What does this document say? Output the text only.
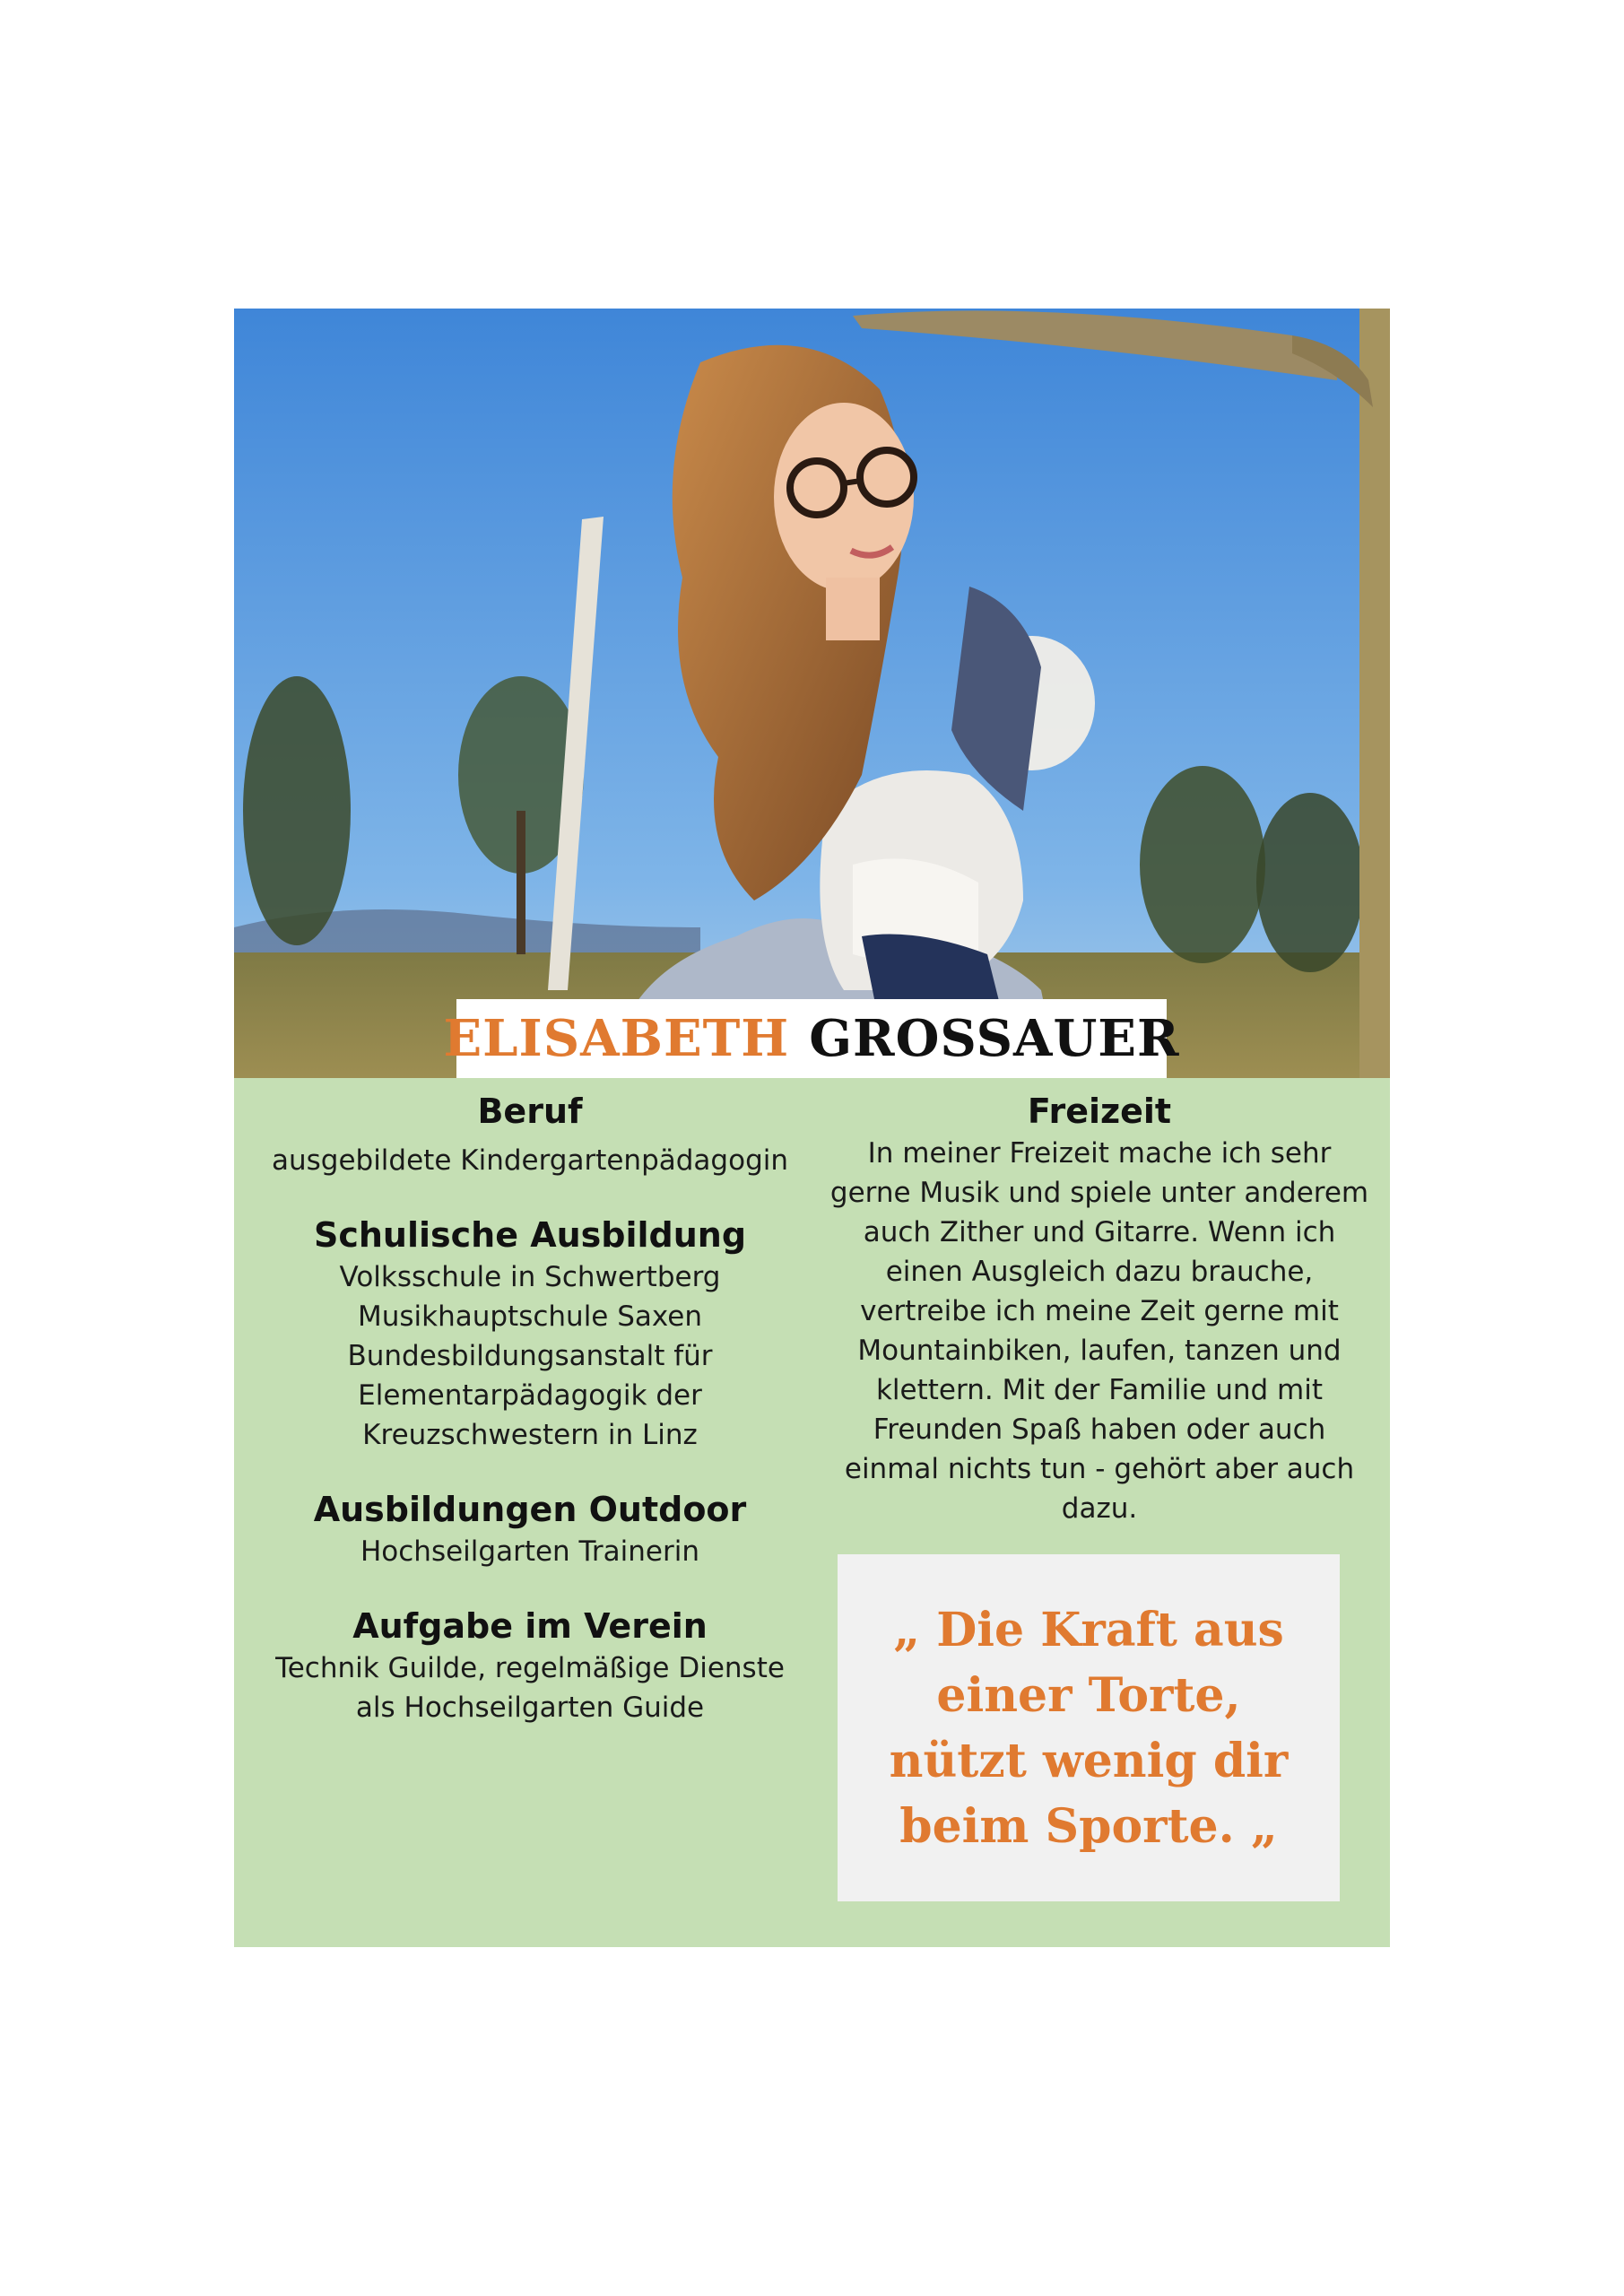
ELISABETH GROSSAUER
Beruf
ausgebildete Kindergartenpädagogin
Schulische Ausbildung
Volksschule in Schwertberg
Musikhauptschule Saxen
Bundesbildungsanstalt für
Elementarpädagogik der
Kreuzschwestern in Linz
Ausbildungen Outdoor
Hochseilgarten Trainerin
Aufgabe im Verein
Technik Guilde, regelmäßige Dienste
als Hochseilgarten Guide
Freizeit
In meiner Freizeit mache ich sehr
gerne Musik und spiele unter anderem
auch Zither und Gitarre. Wenn ich
einen Ausgleich dazu brauche,
vertreibe ich meine Zeit gerne mit
Mountainbiken, laufen, tanzen und
klettern. Mit der Familie und mit
Freunden Spaß haben oder auch
einmal nichts tun - gehört aber auch
dazu.
„ Die Kraft aus
einer Torte,
nützt wenig dir
beim Sporte. „
